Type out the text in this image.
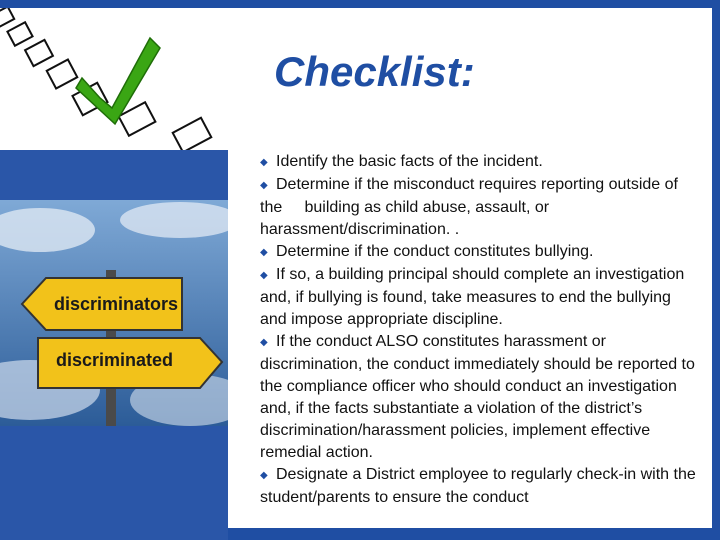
discriminators
discriminated
Checklist:

◆ Identify the basic facts of the incident.

◆ Determine if the misconduct requires reporting outside of the     building as child abuse, assault, or harassment/discrimination. .

◆ Determine if the conduct constitutes bullying.

◆ If so, a building principal should complete an investigation and, if bullying is found, take measures to end the bullying and impose appropriate discipline.

◆ If the conduct ALSO constitutes harassment or discrimination, the conduct immediately should be reported to the compliance officer who should conduct an investigation and, if the facts substantiate a violation of the district’s discrimination/harassment policies, implement effective remedial action.

◆ Designate a District employee to regularly check-in with the student/parents to ensure the conduct
